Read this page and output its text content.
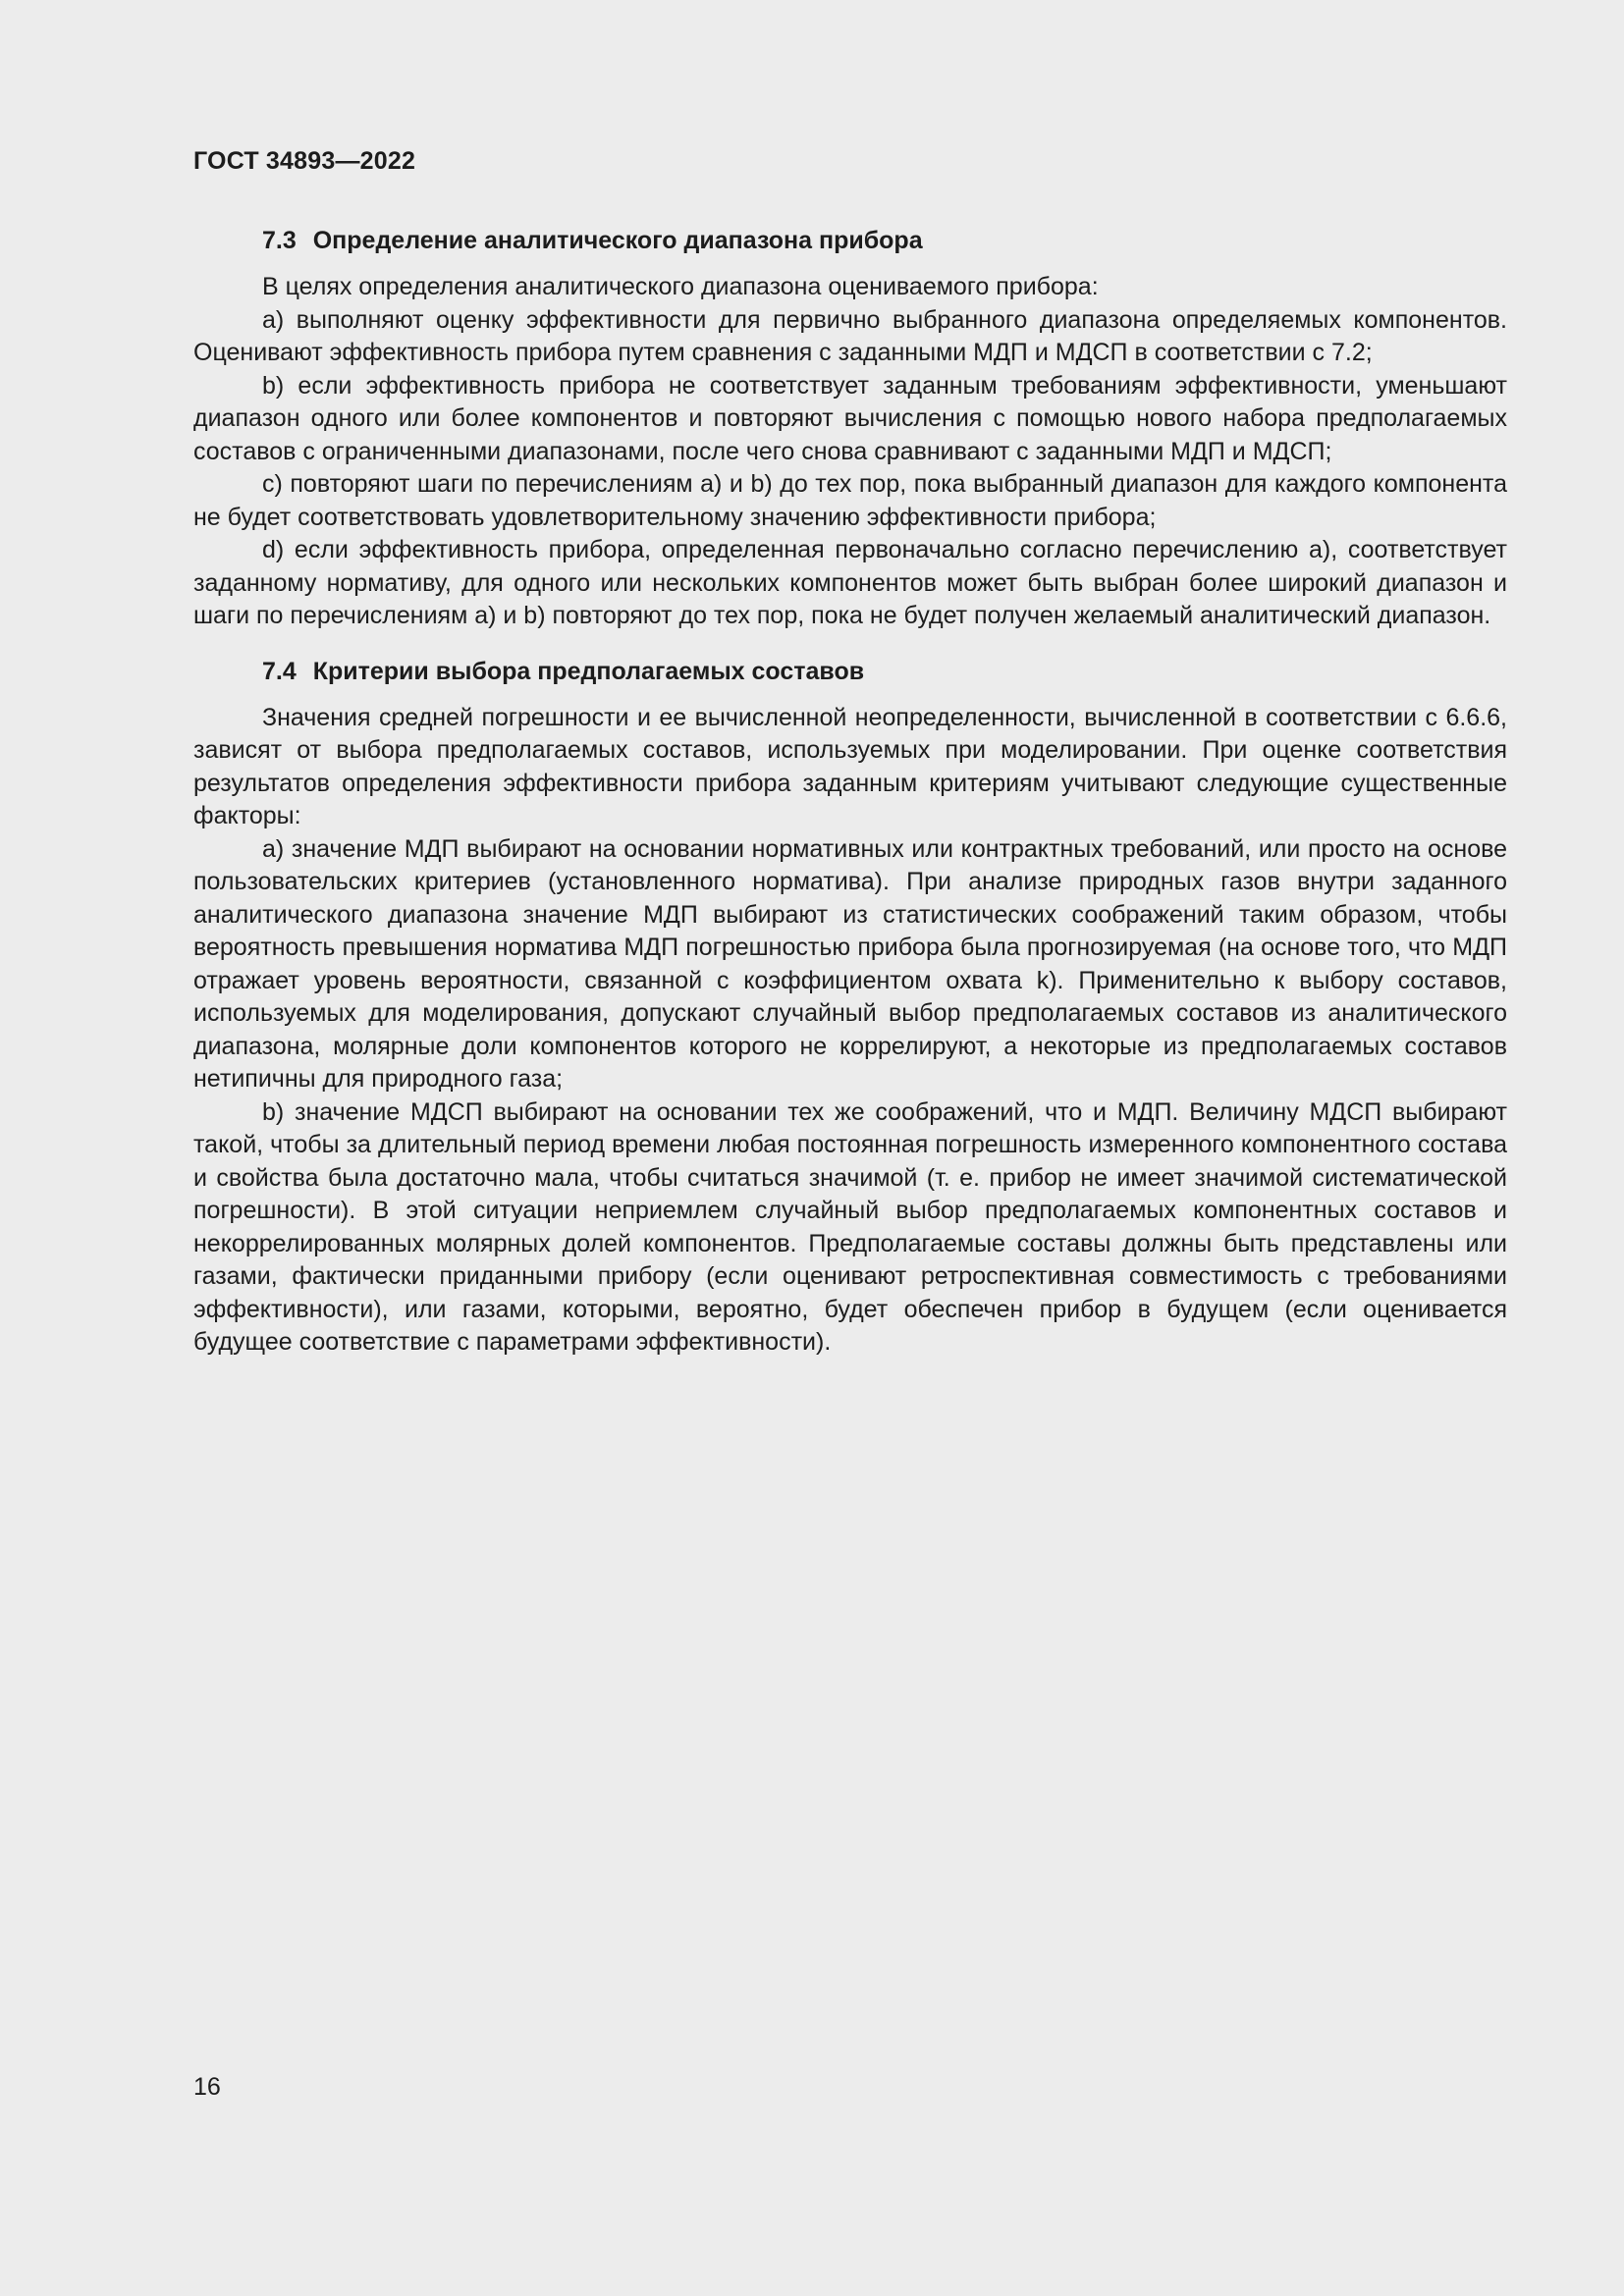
ГОСТ 34893—2022
7.3 Определение аналитического диапазона прибора

В целях определения аналитического диапазона оцениваемого прибора:

a) выполняют оценку эффективности для первично выбранного диапазона определяемых компонентов. Оценивают эффективность прибора путем сравнения с заданными МДП и МДСП в соответствии с 7.2;

b) если эффективность прибора не соответствует заданным требованиям эффективности, уменьшают диапазон одного или более компонентов и повторяют вычисления с помощью нового набора предполагаемых составов с ограниченными диапазонами, после чего снова сравнивают с заданными МДП и МДСП;

c) повторяют шаги по перечислениям a) и b) до тех пор, пока выбранный диапазон для каждого компонента не будет соответствовать удовлетворительному значению эффективности прибора;

d) если эффективность прибора, определенная первоначально согласно перечислению a), соответствует заданному нормативу, для одного или нескольких компонентов может быть выбран более широкий диапазон и шаги по перечислениям a) и b) повторяют до тех пор, пока не будет получен желаемый аналитический диапазон.

7.4 Критерии выбора предполагаемых составов

Значения средней погрешности и ее вычисленной неопределенности, вычисленной в соответствии с 6.6.6, зависят от выбора предполагаемых составов, используемых при моделировании. При оценке соответствия результатов определения эффективности прибора заданным критериям учитывают следующие существенные факторы:

a) значение МДП выбирают на основании нормативных или контрактных требований, или просто на основе пользовательских критериев (установленного норматива). При анализе природных газов внутри заданного аналитического диапазона значение МДП выбирают из статистических соображений таким образом, чтобы вероятность превышения норматива МДП погрешностью прибора была прогнозируемая (на основе того, что МДП отражает уровень вероятности, связанной с коэффициентом охвата k). Применительно к выбору составов, используемых для моделирования, допускают случайный выбор предполагаемых составов из аналитического диапазона, молярные доли компонентов которого не коррелируют, а некоторые из предполагаемых составов нетипичны для природного газа;

b) значение МДСП выбирают на основании тех же соображений, что и МДП. Величину МДСП выбирают такой, чтобы за длительный период времени любая постоянная погрешность измеренного компонентного состава и свойства была достаточно мала, чтобы считаться значимой (т. е. прибор не имеет значимой систематической погрешности). В этой ситуации неприемлем случайный выбор предполагаемых компонентных составов и некоррелированных молярных долей компонентов. Предполагаемые составы должны быть представлены или газами, фактически приданными прибору (если оценивают ретроспективная совместимость с требованиями эффективности), или газами, которыми, вероятно, будет обеспечен прибор в будущем (если оценивается будущее соответствие с параметрами эффективности).

16
